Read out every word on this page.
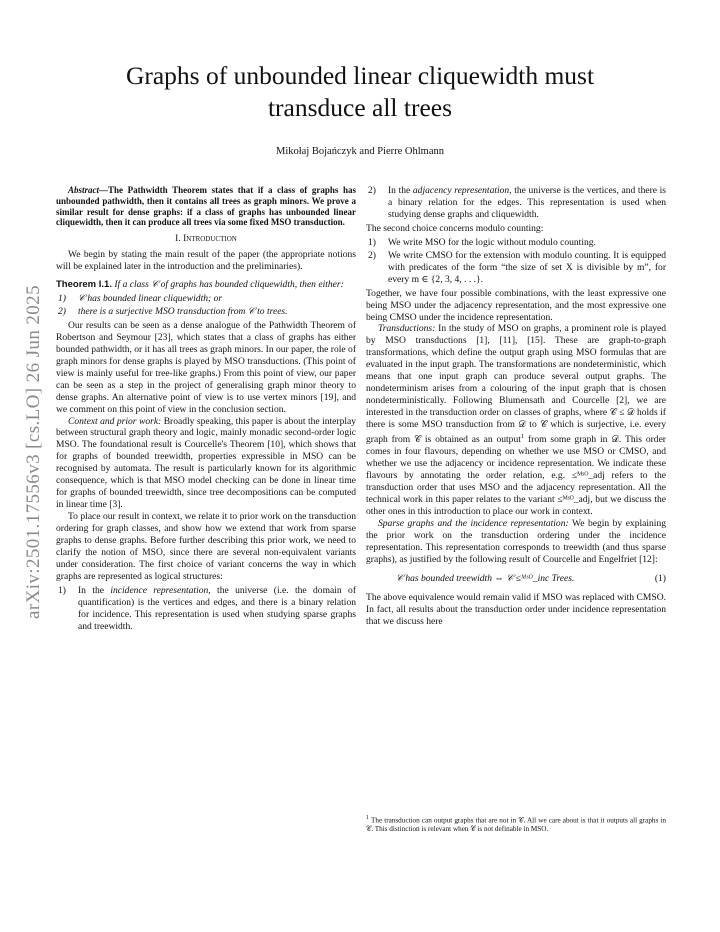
arXiv:2501.17556v3 [cs.LO] 26 Jun 2025
Graphs of unbounded linear cliquewidth must transduce all trees
Mikołaj Bojańczyk and Pierre Ohlmann

Abstract—The Pathwidth Theorem states that if a class of graphs has unbounded pathwidth, then it contains all trees as graph minors. We prove a similar result for dense graphs: if a class of graphs has unbounded linear cliquewidth, then it can produce all trees via some fixed MSO transduction.

I. Introduction

We begin by stating the main result of the paper (the appropriate notions will be explained later in the introduction and the preliminaries).

Theorem I.1. If a class 𝒞 of graphs has bounded cliquewidth, then either:

1) 𝒞 has bounded linear cliquewidth; or
2) there is a surjective MSO transduction from 𝒞 to trees.

Our results can be seen as a dense analogue of the Pathwidth Theorem of Robertson and Seymour [23], which states that a class of graphs has either bounded pathwidth, or it has all trees as graph minors. In our paper, the role of graph minors for dense graphs is played by MSO transductions. (This point of view is mainly useful for tree-like graphs.) From this point of view, our paper can be seen as a step in the project of generalising graph minor theory to dense graphs. An alternative point of view is to use vertex minors [19], and we comment on this point of view in the conclusion section.

Context and prior work: Broadly speaking, this paper is about the interplay between structural graph theory and logic, mainly monadic second-order logic MSO. The foundational result is Courcelle's Theorem [10], which shows that for graphs of bounded treewidth, properties expressible in MSO can be recognised by automata. The result is particularly known for its algorithmic consequence, which is that MSO model checking can be done in linear time for graphs of bounded treewidth, since tree decompositions can be computed in linear time [3].

To place our result in context, we relate it to prior work on the transduction ordering for graph classes, and show how we extend that work from sparse graphs to dense graphs. Before further describing this prior work, we need to clarify the notion of MSO, since there are several non-equivalent variants under consideration. The first choice of variant concerns the way in which graphs are represented as logical structures:

1) In the incidence representation, the universe (i.e. the domain of quantification) is the vertices and edges, and there is a binary relation for incidence. This representation is used when studying sparse graphs and treewidth.
2) In the adjacency representation, the universe is the vertices, and there is a binary relation for the edges. This representation is used when studying dense graphs and cliquewidth.

The second choice concerns modulo counting:

1) We write MSO for the logic without modulo counting.
2) We write CMSO for the extension with modulo counting. It is equipped with predicates of the form “the size of set X is divisible by m”, for every m ∈ {2, 3, 4, . . .}.

Together, we have four possible combinations, with the least expressive one being MSO under the adjacency representation, and the most expressive one being CMSO under the incidence representation.

Transductions: In the study of MSO on graphs, a prominent role is played by MSO transductions [1], [11], [15]. These are graph-to-graph transformations, which define the output graph using MSO formulas that are evaluated in the input graph. The transformations are nondeterministic, which means that one input graph can produce several output graphs. The nondeterminism arises from a colouring of the input graph that is chosen nondeterministically. Following Blumensath and Courcelle [2], we are interested in the transduction order on classes of graphs, where 𝒞 ≤ 𝒟 holds if there is some MSO transduction from 𝒟 to 𝒞 which is surjective, i.e. every graph from 𝒞 is obtained as an output$^1$ from some graph in 𝒟. This order comes in four flavours, depending on whether we use MSO or CMSO, and whether we use the adjacency or incidence representation. We indicate these flavours by annotating the order relation, e.g. ≤ᴹˢᴼ_adj refers to the transduction order that uses MSO and the adjacency representation. All the technical work in this paper relates to the variant ≤ᴹˢᴼ_adj, but we discuss the other ones in this introduction to place our work in context.

Sparse graphs and the incidence representation: We begin by explaining the prior work on the transduction ordering under the incidence representation. This representation corresponds to treewidth (and thus sparse graphs), as justified by the following result of Courcelle and Engelfriet [12]:

𝒞 has bounded treewidth ⇔ 𝒞 ≤ᴹˢᴼ_inc Trees.	(1)

The above equivalence would remain valid if MSO was replaced with CMSO. In fact, all results about the transduction order under incidence representation that we discuss here

$^1$ The transduction can output graphs that are not in 𝒞. All we care about is that it outputs all graphs in 𝒞. This distinction is relevant when 𝒞 is not definable in MSO.
